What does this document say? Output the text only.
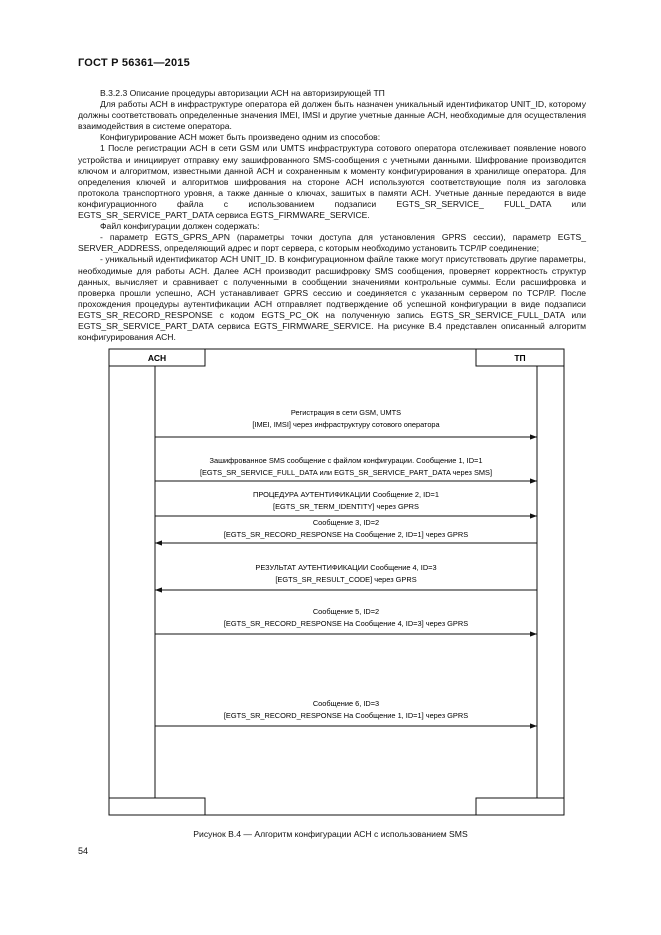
ГОСТ Р 56361—2015

В.3.2.3 Описание процедуры авторизации АСН на авторизирующей ТП

Для работы АСН в инфраструктуре оператора ей должен быть назначен уникальный идентификатор UNIT_ID, которому должны соответствовать определенные значения IMEI, IMSI и другие учетные данные АСН, необходимые для осуществления взаимодействия в системе оператора.

Конфигурирование АСН может быть произведено одним из способов:

1 После регистрации АСН в сети GSM или UMTS инфраструктура сотового оператора отслеживает появление нового устройства и инициирует отправку ему зашифрованного SMS-сообщения с учетными данными. Шифрование производится ключом и алгоритмом, известными данной АСН и сохраненным к моменту конфигурирования в хранилище оператора. Для определения ключей и алгоритмов шифрования на стороне АСН используются соответствующие поля из заголовка протокола транспортного уровня, а также данные о ключах, зашитых в памяти АСН. Учетные данные передаются в виде конфигурационного файла с использованием подзаписи EGTS_SR_SERVICE_ FULL_DATA или EGTS_SR_SERVICE_PART_DATA сервиса EGTS_FIRMWARE_SERVICE.

Файл конфигурации должен содержать:

- параметр EGTS_GPRS_APN (параметры точки доступа для установления GPRS сессии), параметр EGTS_ SERVER_ADDRESS, определяющий адрес и порт сервера, с которым необходимо установить TCP/IP соединение;

- уникальный идентификатор АСН UNIT_ID. В конфигурационном файле также могут присутствовать другие параметры, необходимые для работы АСН. Далее АСН производит расшифровку SMS сообщения, проверяет корректность структур данных, вычисляет и сравнивает с полученными в сообщении значениями контрольные суммы. Если расшифровка и проверка прошли успешно, АСН устанавливает GPRS сессию и соединяется с указанным сервером по TCP/IP. После прохождения процедуры аутентификации АСН отправляет подтверждение об успешной конфигурации в виде подзаписи EGTS_SR_RECORD_RESPONSE с кодом EGTS_PC_OK на полученную запись EGTS_SR_SERVICE_FULL_DATA или EGTS_SR_SERVICE_PART_DATA сервиса EGTS_FIRMWARE_SERVICE. На рисунке В.4 представлен описанный алгоритм конфигурирования АСН.

АСН	ТП
Регистрация в сети GSM, UMTS
[IMEI, IMSI] через инфраструктуру сотового оператора
Зашифрованное SMS сообщение с файлом конфигурации. Сообщение 1, ID=1
[EGTS_SR_SERVICE_FULL_DATA или EGTS_SR_SERVICE_PART_DATA через SMS]
ПРОЦЕДУРА АУТЕНТИФИКАЦИИ Сообщение 2, ID=1
[EGTS_SR_TERM_IDENTITY] через GPRS
Сообщение 3, ID=2
[EGTS_SR_RECORD_RESPONSE На Сообщение 2, ID=1] через GPRS
РЕЗУЛЬТАТ АУТЕНТИФИКАЦИИ Сообщение 4, ID=3
[EGTS_SR_RESULT_CODE] через GPRS
Сообщение 5, ID=2
[EGTS_SR_RECORD_RESPONSE На Сообщение 4, ID=3] через GPRS
Сообщение 6, ID=3
[EGTS_SR_RECORD_RESPONSE На Сообщение 1, ID=1] через GPRS
Рисунок В.4 — Алгоритм конфигурации АСН с использованием SMS
54
